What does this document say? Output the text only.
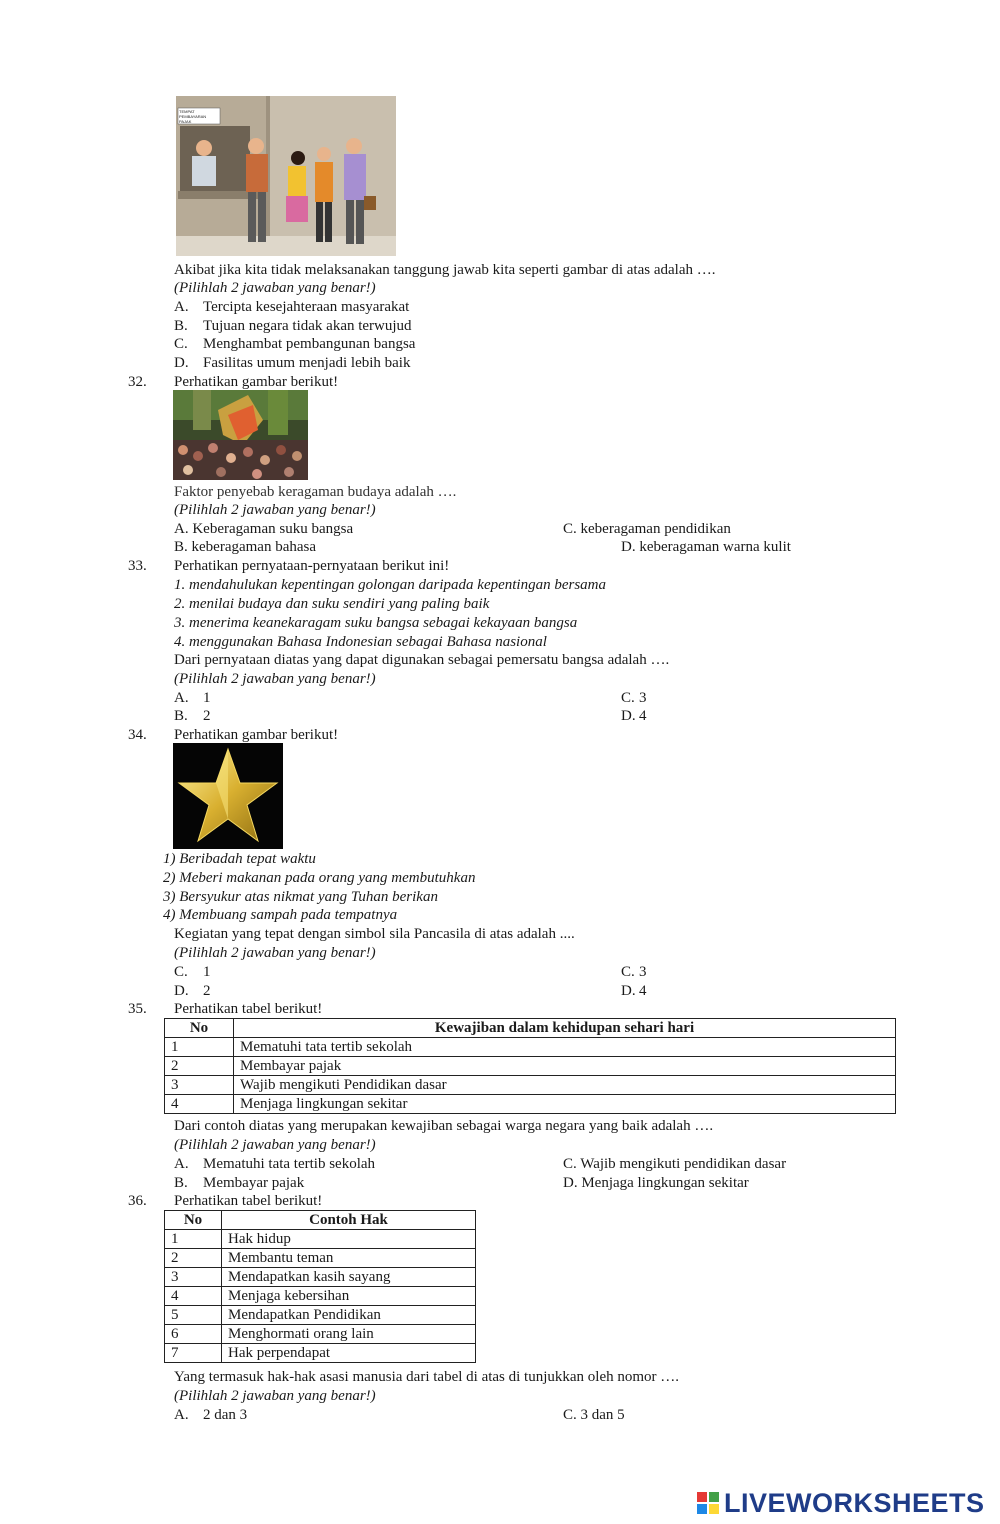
TEMPAT PEMBAYARAN PAJAK
Akibat jika kita tidak melaksanakan tanggung jawab kita seperti gambar di atas adalah ….
(Pilihlah 2 jawaban yang benar!)
A. Tercipta kesejahteraan masyarakat
B. Tujuan negara tidak akan terwujud
C. Menghambat pembangunan bangsa
D. Fasilitas umum menjadi lebih baik
32. Perhatikan gambar berikut!
Faktor penyebab keragaman budaya adalah ….
(Pilihlah 2 jawaban yang benar!)
A. Keberagaman suku bangsa
B. keberagaman bahasa
C. keberagaman pendidikan
D. keberagaman warna kulit
33. Perhatikan pernyataan-pernyataan berikut ini!
1. mendahulukan kepentingan golongan daripada kepentingan bersama
2. menilai budaya dan suku sendiri yang paling baik
3. menerima keanekaragam suku bangsa sebagai kekayaan bangsa
4. menggunakan Bahasa Indonesian sebagai Bahasa nasional
Dari pernyataan diatas yang dapat digunakan sebagai pemersatu bangsa adalah ….
(Pilihlah 2 jawaban yang benar!)
A. 1
B. 2
C. 3
D. 4
34. Perhatikan gambar berikut!
1) Beribadah tepat waktu
2) Meberi makanan pada orang yang membutuhkan
3) Bersyukur atas nikmat yang Tuhan berikan
4) Membuang sampah pada tempatnya
Kegiatan yang tepat dengan simbol sila Pancasila di atas adalah ....
(Pilihlah 2 jawaban yang benar!)
C. 1
D. 2
C. 3
D. 4
35. Perhatikan tabel berikut!
No	Kewajiban dalam kehidupan sehari hari
1	Mematuhi tata tertib sekolah
2	Membayar pajak
3	Wajib mengikuti Pendidikan dasar
4	Menjaga lingkungan sekitar
Dari contoh diatas yang merupakan kewajiban sebagai warga negara yang baik adalah ….
(Pilihlah 2 jawaban yang benar!)
A. Mematuhi tata tertib sekolah
B. Membayar pajak
C. Wajib mengikuti pendidikan dasar
D. Menjaga lingkungan sekitar
36. Perhatikan tabel berikut!
No	Contoh Hak
1	Hak hidup
2	Membantu teman
3	Mendapatkan kasih sayang
4	Menjaga kebersihan
5	Mendapatkan Pendidikan
6	Menghormati orang lain
7	Hak perpendapat
Yang termasuk hak-hak asasi manusia dari tabel di atas di tunjukkan oleh nomor ….
(Pilihlah 2 jawaban yang benar!)
A. 2 dan 3	C. 3 dan 5
LIVEWORKSHEETS
